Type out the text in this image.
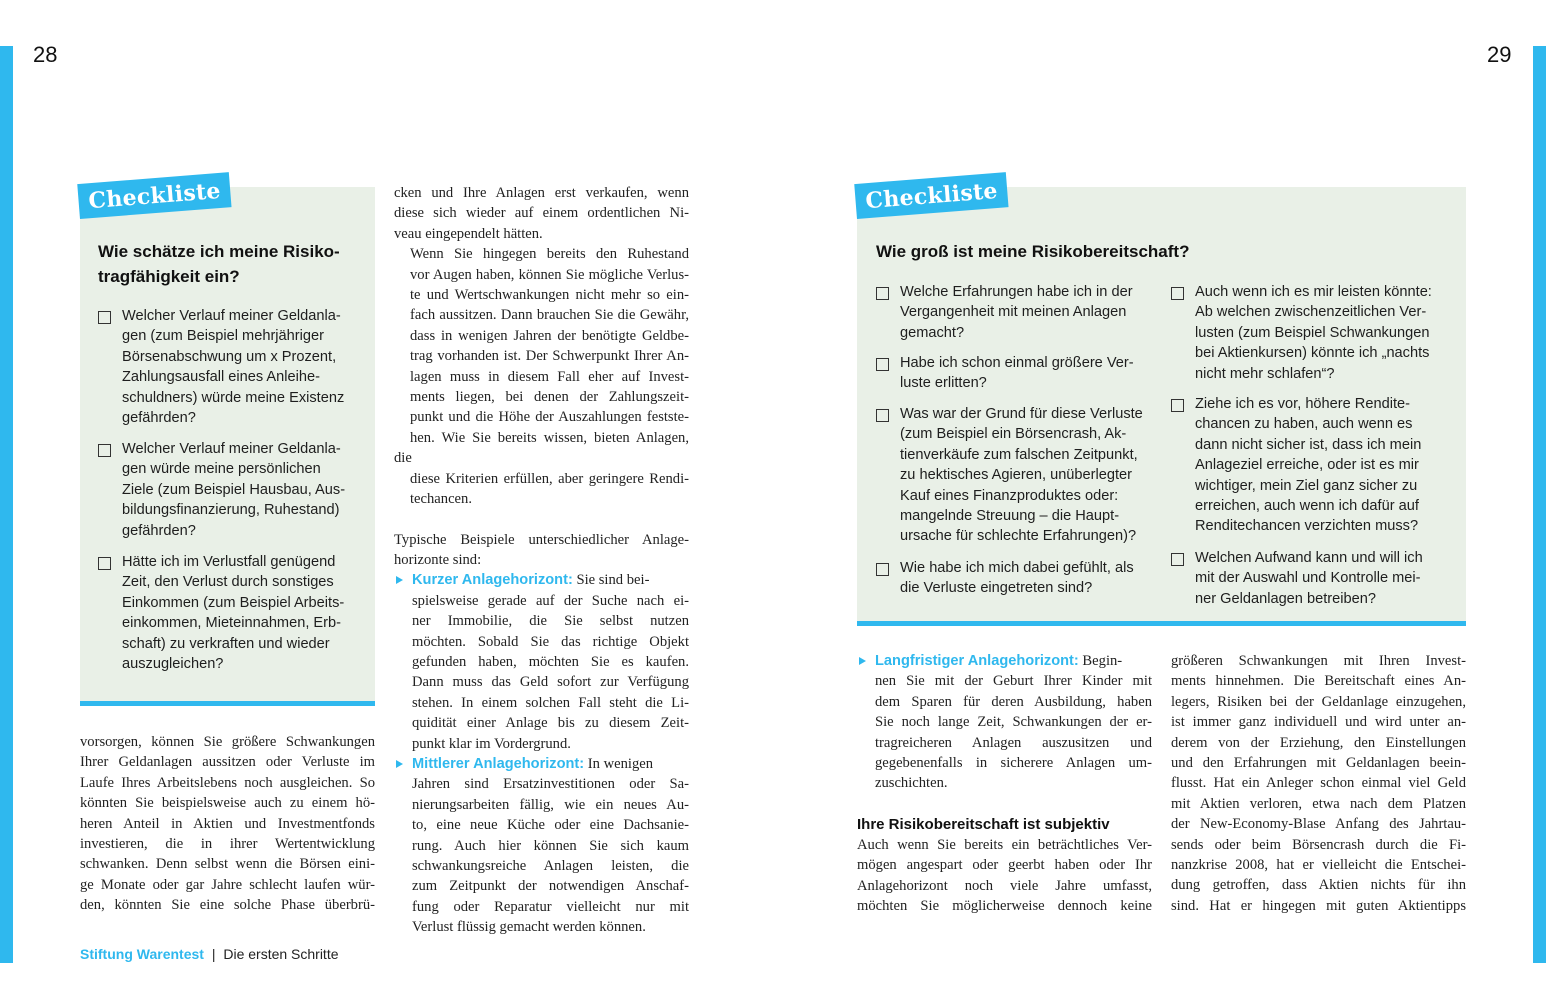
28	29
Checkliste
Wie schätze ich meine Risiko-
tragfähigkeit ein?
Welcher Verlauf meiner Geldanla-
gen (zum Beispiel mehrjähriger
Börsenabschwung um x Prozent,
Zahlungsausfall eines Anleihe-
schuldners) würde meine Existenz
gefährden?
Welcher Verlauf meiner Geldanla-
gen würde meine persönlichen
Ziele (zum Beispiel Hausbau, Aus-
bildungsfinanzierung, Ruhestand)
gefährden?
Hätte ich im Verlustfall genügend
Zeit, den Verlust durch sonstiges
Einkommen (zum Beispiel Arbeits-
einkommen, Mieteinnahmen, Erb-
schaft) zu verkraften und wieder
auszugleichen?
vorsorgen, können Sie größere Schwankungen
Ihrer Geldanlagen aussitzen oder Verluste im
Laufe Ihres Arbeitslebens noch ausgleichen. So
könnten Sie beispielsweise auch zu einem hö-
heren Anteil in Aktien und Investmentfonds
investieren, die in ihrer Wertentwicklung
schwanken. Denn selbst wenn die Börsen eini-
ge Monate oder gar Jahre schlecht laufen wür-
den, könnten Sie eine solche Phase überbrü-

cken und Ihre Anlagen erst verkaufen, wenn
diese sich wieder auf einem ordentlichen Ni-
veau eingependelt hätten.

Wenn Sie hingegen bereits den Ruhestand
vor Augen haben, können Sie mögliche Verlus-
te und Wertschwankungen nicht mehr so ein-
fach aussitzen. Dann brauchen Sie die Gewähr,
dass in wenigen Jahren der benötigte Geldbe-
trag vorhanden ist. Der Schwerpunkt Ihrer An-
lagen muss in diesem Fall eher auf Invest-
ments liegen, bei denen der Zahlungszeit-
punkt und die Höhe der Auszahlungen festste-
hen. Wie Sie bereits wissen, bieten Anlagen, die
diese Kriterien erfüllen, aber geringere Rendi-
techancen.

Typische Beispiele unterschiedlicher Anlage-
horizonte sind:

Kurzer Anlagehorizont: Sie sind bei-
spielsweise gerade auf der Suche nach ei-
ner Immobilie, die Sie selbst nutzen
möchten. Sobald Sie das richtige Objekt
gefunden haben, möchten Sie es kaufen.
Dann muss das Geld sofort zur Verfügung
stehen. In einem solchen Fall steht die Li-
quidität einer Anlage bis zu diesem Zeit-
punkt klar im Vordergrund.
Mittlerer Anlagehorizont: In wenigen
Jahren sind Ersatzinvestitionen oder Sa-
nierungsarbeiten fällig, wie ein neues Au-
to, eine neue Küche oder eine Dachsanie-
rung. Auch hier können Sie sich kaum
schwankungsreiche Anlagen leisten, die
zum Zeitpunkt der notwendigen Anschaf-
fung oder Reparatur vielleicht nur mit
Verlust flüssig gemacht werden können.
Stiftung Warentest | Die ersten Schritte
Checkliste
Wie groß ist meine Risikobereitschaft?
Welche Erfahrungen habe ich in der
Vergangenheit mit meinen Anlagen
gemacht?
Habe ich schon einmal größere Ver-
luste erlitten?
Was war der Grund für diese Verluste
(zum Beispiel ein Börsencrash, Ak-
tienverkäufe zum falschen Zeitpunkt,
zu hektisches Agieren, unüberlegter
Kauf eines Finanzproduktes oder:
mangelnde Streuung – die Haupt-
ursache für schlechte Erfahrungen)?
Wie habe ich mich dabei gefühlt, als
die Verluste eingetreten sind?
Auch wenn ich es mir leisten könnte:
Ab welchen zwischenzeitlichen Ver-
lusten (zum Beispiel Schwankungen
bei Aktienkursen) könnte ich „nachts
nicht mehr schlafen“?
Ziehe ich es vor, höhere Rendite-
chancen zu haben, auch wenn es
dann nicht sicher ist, dass ich mein
Anlageziel erreiche, oder ist es mir
wichtiger, mein Ziel ganz sicher zu
erreichen, auch wenn ich dafür auf
Renditechancen verzichten muss?
Welchen Aufwand kann und will ich
mit der Auswahl und Kontrolle mei-
ner Geldanlagen betreiben?
Langfristiger Anlagehorizont: Begin-
nen Sie mit der Geburt Ihrer Kinder mit
dem Sparen für deren Ausbildung, haben
Sie noch lange Zeit, Schwankungen der er-
tragreicheren Anlagen auszusitzen und
gegebenenfalls in sicherere Anlagen um-
zuschichten.
Ihre Risikobereitschaft ist subjektiv

Auch wenn Sie bereits ein beträchtliches Ver-
mögen angespart oder geerbt haben oder Ihr
Anlagehorizont noch viele Jahre umfasst,
möchten Sie möglicherweise dennoch keine

größeren Schwankungen mit Ihren Invest-
ments hinnehmen. Die Bereitschaft eines An-
legers, Risiken bei der Geldanlage einzugehen,
ist immer ganz individuell und wird unter an-
derem von der Erziehung, den Einstellungen
und den Erfahrungen mit Geldanlagen beein-
flusst. Hat ein Anleger schon einmal viel Geld
mit Aktien verloren, etwa nach dem Platzen
der New-Economy-Blase Anfang des Jahrtau-
sends oder beim Börsencrash durch die Fi-
nanzkrise 2008, hat er vielleicht die Entschei-
dung getroffen, dass Aktien nichts für ihn
sind. Hat er hingegen mit guten Aktientipps
